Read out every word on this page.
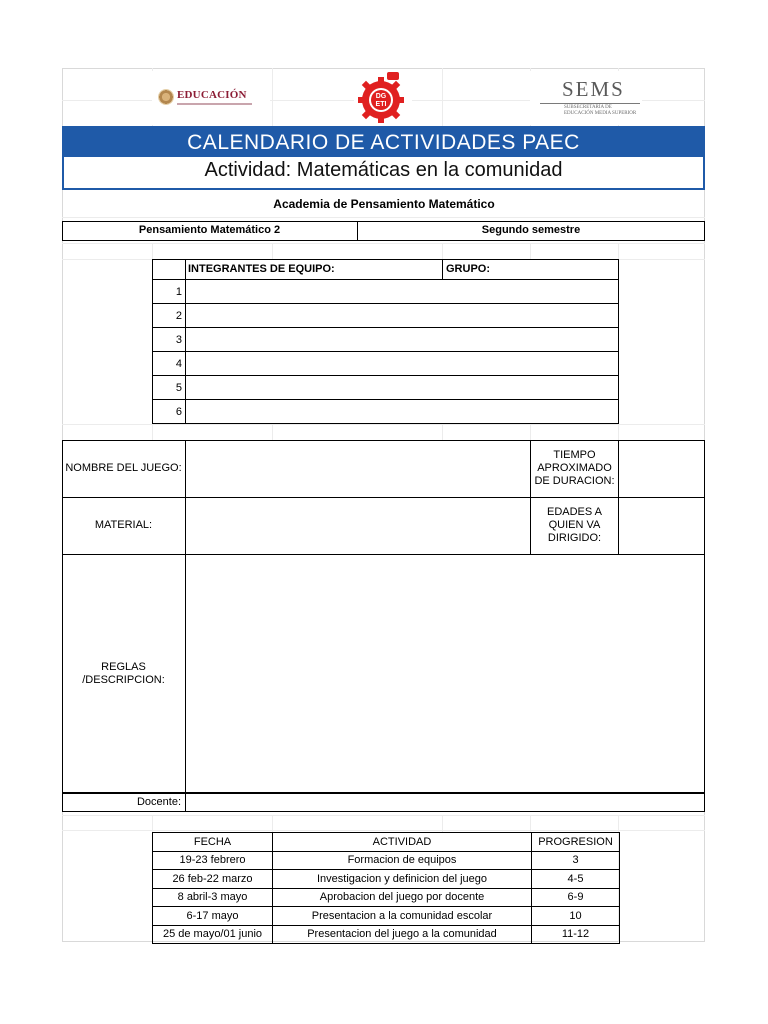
EDUCACIÓN	DG
ETI
SEMS
SUBSECRETARÍA DE
EDUCACIÓN MEDIA SUPERIOR
CALENDARIO DE ACTIVIDADES PAEC
Actividad: Matemáticas en la comunidad
Academia de Pensamiento Matemático
Pensamiento Matemático 2	Segundo semestre
INTEGRANTES DE EQUIPO:	GRUPO:
1
2
3
4
5
6
NOMBRE DEL JUEGO:
TIEMPO APROXIMADO DE DURACION:
MATERIAL:
EDADES A QUIEN VA DIRIGIDO:
REGLAS /DESCRIPCION:
Docente:
FECHA	ACTIVIDAD	PROGRESION
19-23 febrero	Formacion de equipos	3
26 feb-22 marzo	Investigacion y definicion del juego	4-5
8 abril-3 mayo	Aprobacion del juego por docente	6-9
6-17 mayo	Presentacion a la comunidad escolar	10
25 de mayo/01 junio	Presentacion del juego a la comunidad	11-12
